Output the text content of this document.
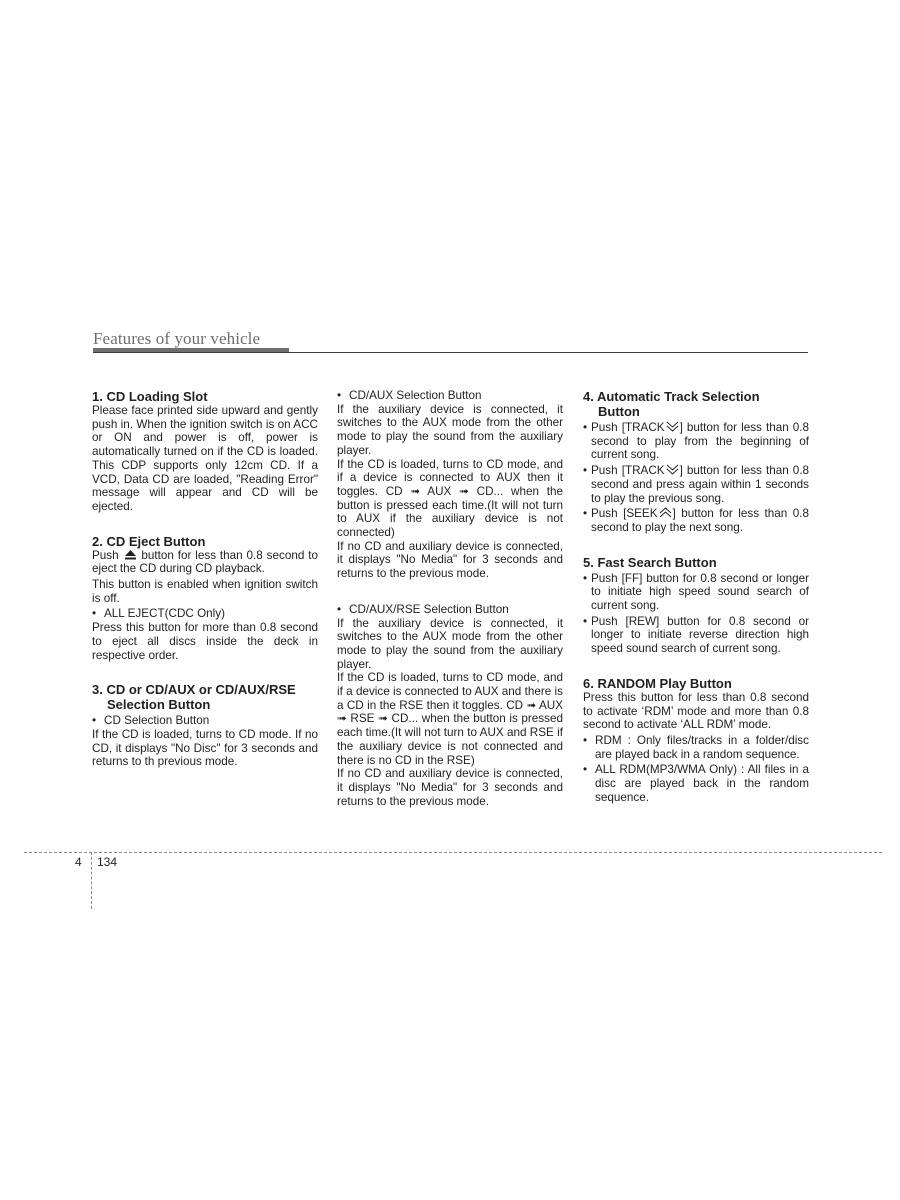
Features of your vehicle
1. CD Loading Slot

Please face printed side upward and gently push in. When the ignition switch is on ACC or ON and power is off, power is automatically turned on if the CD is loaded. This CDP supports only 12cm CD. If a VCD, Data CD are loaded, "Reading Error" message will appear and CD will be ejected.

2. CD Eject Button

Push button for less than 0.8 second to eject the CD during CD playback.

This button is enabled when ignition switch is off.

• ALL EJECT(CDC Only)

Press this button for more than 0.8 second to eject all discs inside the deck in respective order.

3. CD or CD/AUX or CD/AUX/RSE
Selection Button
• CD Selection Button

If the CD is loaded, turns to CD mode. If no CD, it displays "No Disc" for 3 seconds and returns to th previous mode.

• CD/AUX Selection Button

If the auxiliary device is connected, it switches to the AUX mode from the other mode to play the sound from the auxiliary player.

If the CD is loaded, turns to CD mode, and if a device is connected to AUX then it toggles. CD ➟ AUX ➟ CD... when the button is pressed each time.(It will not turn to AUX if the auxiliary device is not connected)

If no CD and auxiliary device is connected, it displays "No Media" for 3 seconds and returns to the previous mode.

• CD/AUX/RSE Selection Button

If the auxiliary device is connected, it switches to the AUX mode from the other mode to play the sound from the auxiliary player.

If the CD is loaded, turns to CD mode, and if a device is connected to AUX and there is a CD in the RSE then it toggles. CD ➟ AUX ➟ RSE ➟ CD... when the button is pressed each time.(It will not turn to AUX and RSE if the auxiliary device is not connected and there is no CD in the RSE)

If no CD and auxiliary device is connected, it displays "No Media" for 3 seconds and returns to the previous mode.

4. Automatic Track Selection
Button
• Push [TRACK ] button for less than 0.8 second to play from the beginning of current song.
• Push [TRACK ] button for less than 0.8 second and press again within 1 seconds to play the previous song.
• Push [SEEK ] button for less than 0.8 second to play the next song.
5. Fast Search Button
• Push [FF] button for 0.8 second or longer to initiate high speed sound search of current song.
• Push [REW] button for 0.8 second or longer to initiate reverse direction high speed sound search of current song.
6. RANDOM Play Button

Press this button for less than 0.8 second to activate ‘RDM’ mode and more than 0.8 second to activate ‘ALL RDM’ mode.

• RDM : Only files/tracks in a folder/disc are played back in a random sequence.
• ALL RDM(MP3/WMA Only) : All files in a disc are played back in the random sequence.
4 134
